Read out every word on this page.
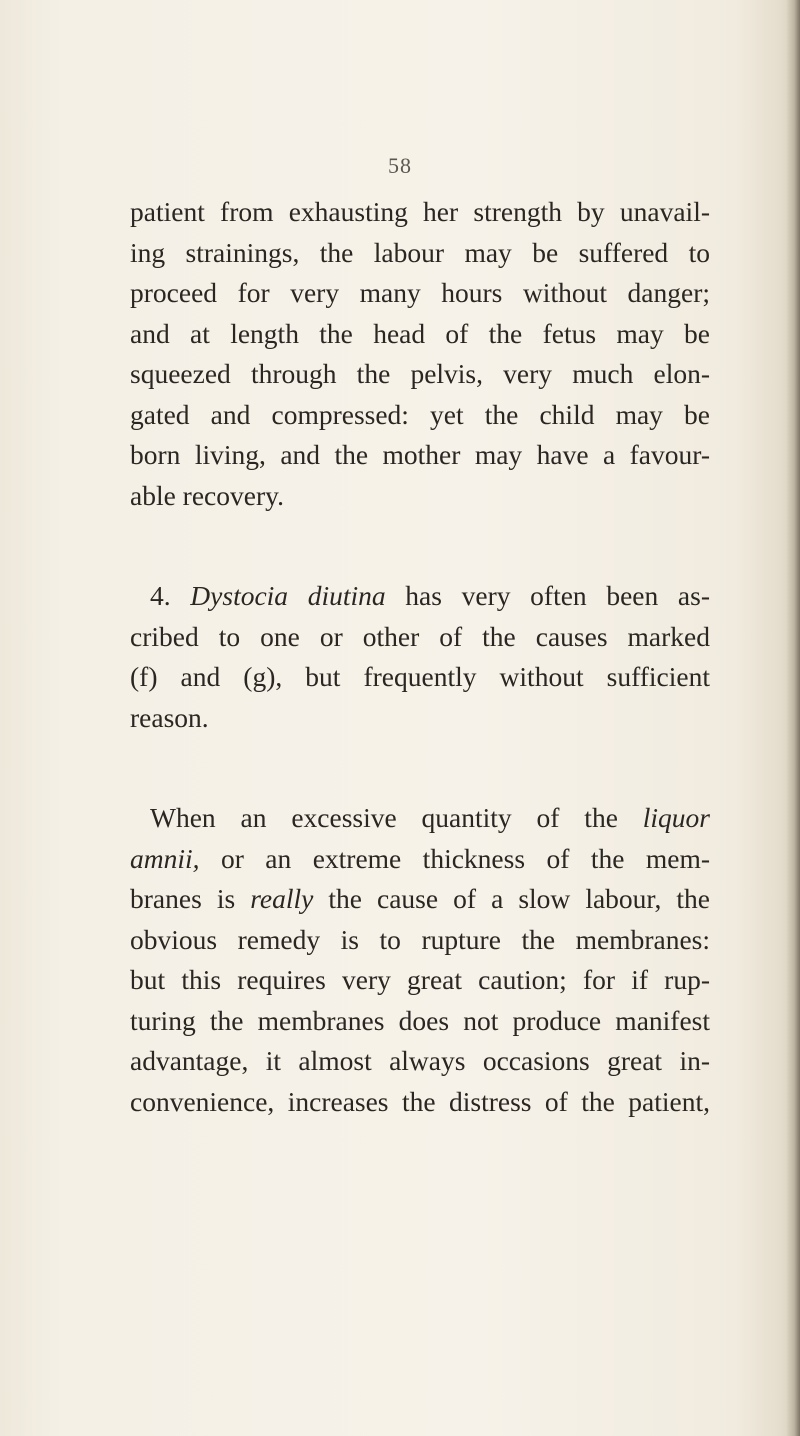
58
patient from exhausting her strength by unavail-
ing strainings, the labour may be suffered to
proceed for very many hours without danger;
and at length the head of the fetus may be
squeezed through the pelvis, very much elon-
gated and compressed: yet the child may be
born living, and the mother may have a favour-
able recovery.
4. Dystocia diutina has very often been as-
cribed to one or other of the causes marked
(f) and (g), but frequently without sufficient
reason.
When an excessive quantity of the liquor
amnii, or an extreme thickness of the mem-
branes is really the cause of a slow labour, the
obvious remedy is to rupture the membranes:
but this requires very great caution; for if rup-
turing the membranes does not produce manifest
advantage, it almost always occasions great in-
convenience, increases the distress of the patient,
